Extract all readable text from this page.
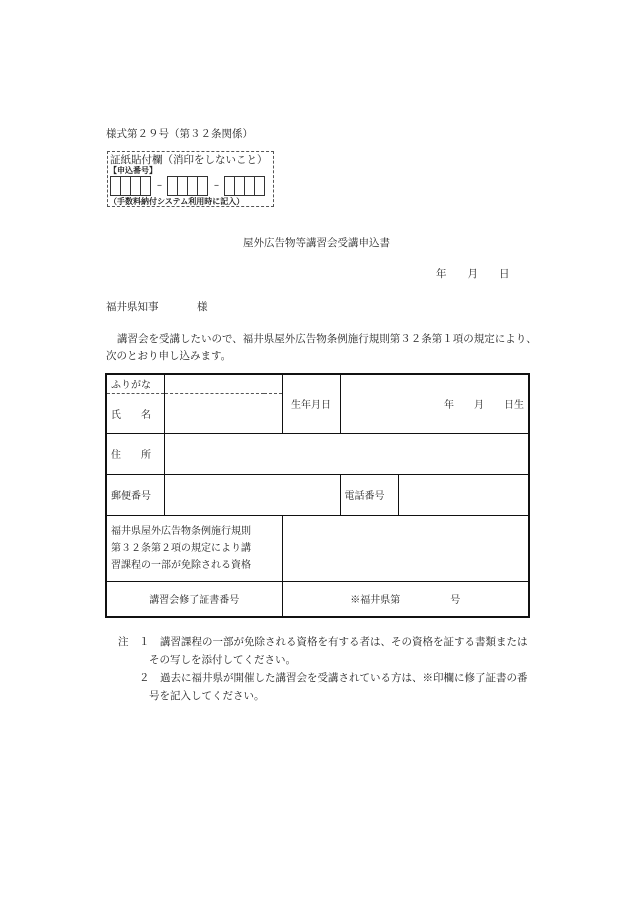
様式第２９号（第３２条関係）
証紙貼付欄（消印をしないこと）
【申込番号】
–	–
（手数料納付システム利用時に記入）
屋外広告物等講習会受講申込書
年　　月　　日
福井県知事	様
講習会を受講したいので、福井県屋外広告物条例施行規則第３２条第１項の規定により、
次のとおり申し込みます。
ふりがな		生年月日	年　　月　　日生	
氏　　名				
住　　所				
郵便番号			電話番号	

福井県屋外広告物条例施行規則
第３２条第２項の規定により講
習課程の一部が免除される資格				

講習会修了証書番号		※福井県第　　　　　号		
注 １ 講習課程の一部が免除される資格を有する者は、その資格を証する書類または
その写しを添付してください。
２ 過去に福井県が開催した講習会を受講されている方は、※印欄に修了証書の番
号を記入してください。
